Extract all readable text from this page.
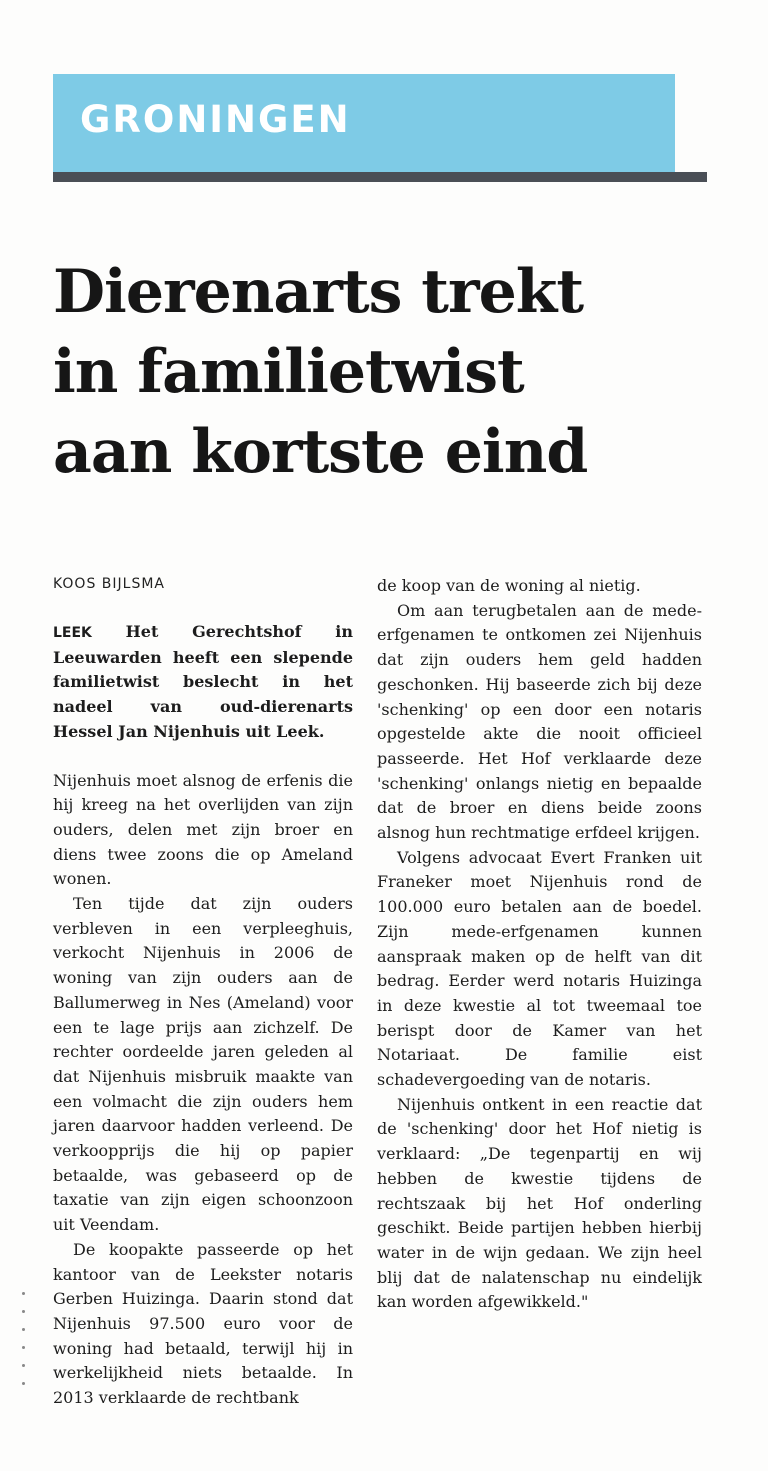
GRONINGEN
Dierenarts trekt
in familietwist
aan kortste eind
KOOS BIJLSMA

LEEK Het Gerechtshof in Leeuwarden heeft een slepende familietwist beslecht in het nadeel van oud-dierenarts Hessel Jan Nijenhuis uit Leek.

Nijenhuis moet alsnog de erfenis die hij kreeg na het overlijden van zijn ouders, delen met zijn broer en diens twee zoons die op Ameland wonen.

Ten tijde dat zijn ouders verbleven in een verpleeghuis, verkocht Nijenhuis in 2006 de woning van zijn ouders aan de Ballumerweg in Nes (Ameland) voor een te lage prijs aan zichzelf. De rechter oordeelde jaren geleden al dat Nijenhuis misbruik maakte van een volmacht die zijn ouders hem jaren daarvoor hadden verleend. De verkoopprijs die hij op papier betaalde, was gebaseerd op de taxatie van zijn eigen schoonzoon uit Veendam.

De koopakte passeerde op het kantoor van de Leekster notaris Gerben Huizinga. Daarin stond dat Nijenhuis 97.500 euro voor de woning had betaald, terwijl hij in werkelijkheid niets betaalde. In 2013 verklaarde de rechtbank

de koop van de woning al nietig.

Om aan terugbetalen aan de mede-erfgenamen te ontkomen zei Nijenhuis dat zijn ouders hem geld hadden geschonken. Hij baseerde zich bij deze 'schenking' op een door een notaris opgestelde akte die nooit officieel passeerde. Het Hof verklaarde deze 'schenking' onlangs nietig en bepaalde dat de broer en diens beide zoons alsnog hun rechtmatige erfdeel krijgen.

Volgens advocaat Evert Franken uit Franeker moet Nijenhuis rond de 100.000 euro betalen aan de boedel. Zijn mede-erfgenamen kunnen aanspraak maken op de helft van dit bedrag. Eerder werd notaris Huizinga in deze kwestie al tot tweemaal toe berispt door de Kamer van het Notariaat. De familie eist schadevergoeding van de notaris.

Nijenhuis ontkent in een reactie dat de 'schenking' door het Hof nietig is verklaard: „De tegenpartij en wij hebben de kwestie tijdens de rechtszaak bij het Hof onderling geschikt. Beide partijen hebben hierbij water in de wijn gedaan. We zijn heel blij dat de nalatenschap nu eindelijk kan worden afgewikkeld."
